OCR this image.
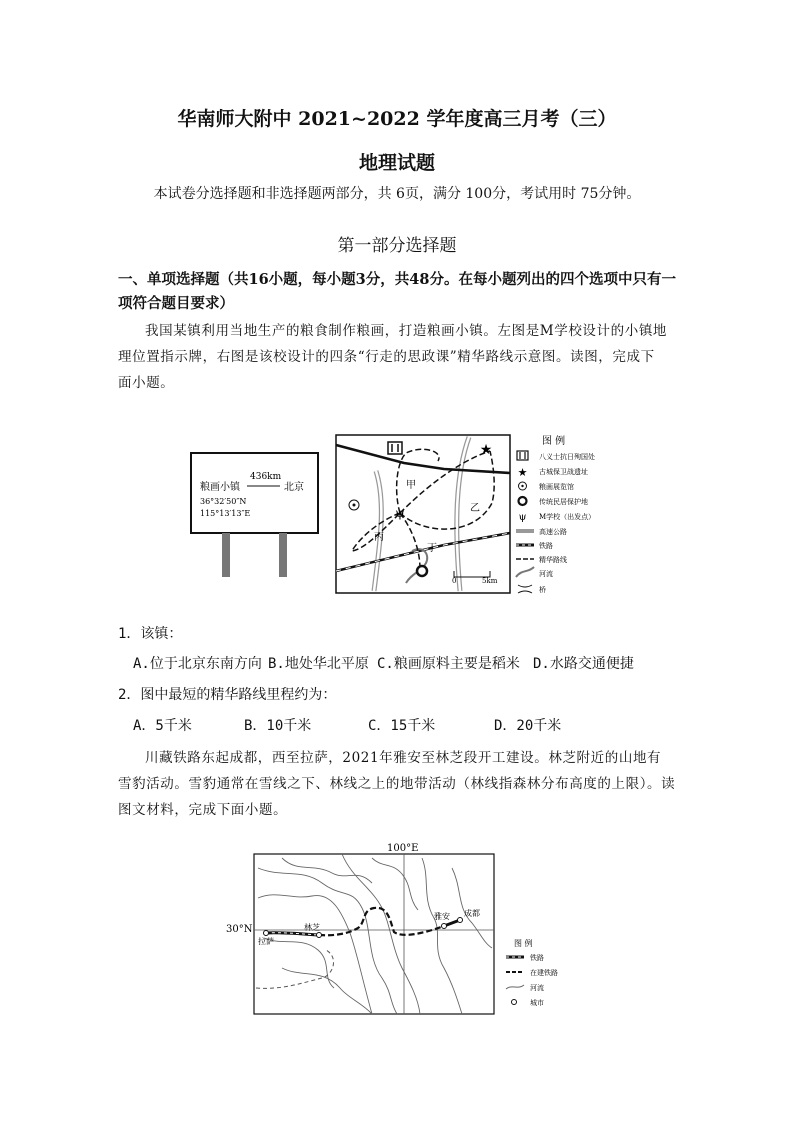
华南师大附中 2021~2022 学年度高三月考（三）
地理试题
本试卷分选择题和非选择题两部分，共 6页，满分 100分，考试用时 75分钟。
第一部分选择题
一、单项选择题（共16小题，每小题3分，共48分。在每小题列出的四个选项中只有一
项符合题目要求）
我国某镇利用当地生产的粮食制作粮画，打造粮画小镇。左图是M学校设计的小镇地
理位置指示牌，右图是该校设计的四条“行走的思政课”精华路线示意图。读图，完成下
面小题。
粮画小镇
436km
北京
36°32′50″N
115°13′13″E
★
ψ
甲
乙
丙
丁
0	5km
图 例
八义士抗日殉国处
★ 古城保卫战遗址
粮画展览馆
传统民居保护地
ψ M学校（出发点）
高速公路
铁路
精华路线
河流
桥
1．该镇：
A.位于北京东南方向 B.地处华北平原 C.粮画原料主要是稻米 D.水路交通便捷
2．图中最短的精华路线里程约为：
A．5千米	B．10千米	C．15千米	D．20千米
川藏铁路东起成都，西至拉萨，2021年雅安至林芝段开工建设。林芝附近的山地有
雪豹活动。雪豹通常在雪线之下、林线之上的地带活动（林线指森林分布高度的上限）。读
图文材料，完成下面小题。
100°E
30°N
拉萨
林芝
雅安 成都
图 例
铁路
在建铁路
河流
城市
